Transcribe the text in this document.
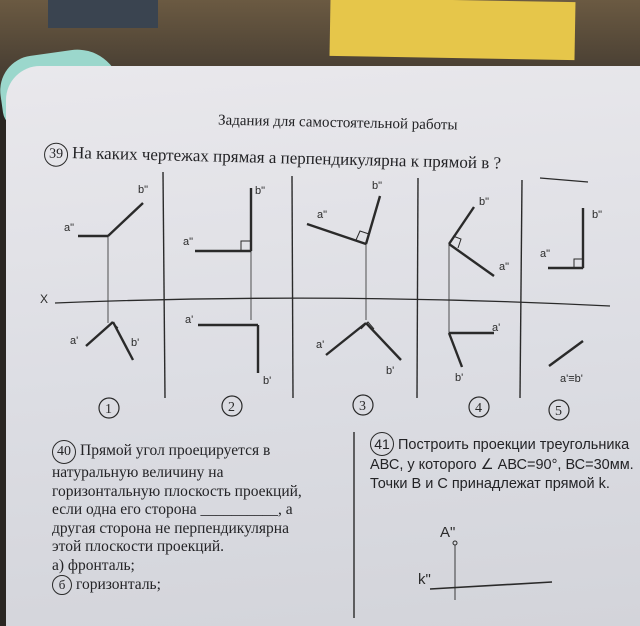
Задания для самостоятельной работы
39 На каких чертежах прямая а перпендикулярна к прямой в ?
a"
b"
a'	b'
a"
b"
a'
b'
a"
b"
a'
b'
b"
a"
a'
b'
a"
b"
a'≡b'
X
1	2	3	4	5
A"
k"
40 Прямой угол проецируется в
натуральную величину на
горизонтальную плоскость проекций,
если одна его сторона __________, а
другая сторона не перпендикулярна
этой плоскости проекций.
а) фронталь;
б горизонталь;
41 Построить проекции треугольника
АВС, у которого ∠ АВС=90°, ВС=30мм.
Точки В и С принадлежат прямой k.
